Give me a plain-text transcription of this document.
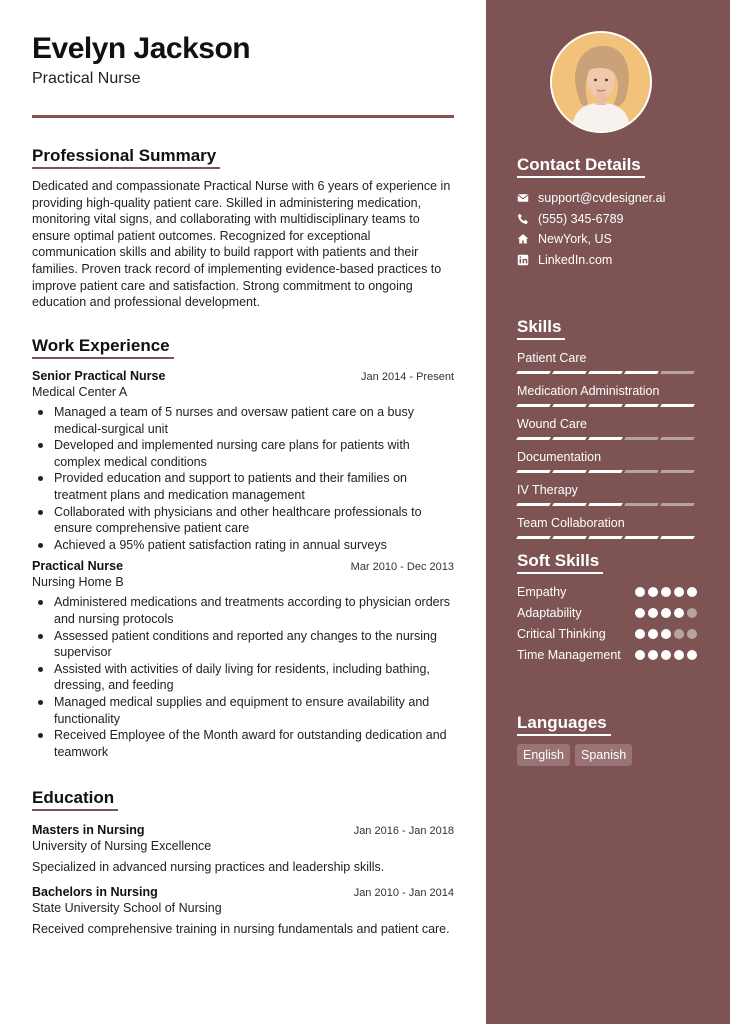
Evelyn Jackson
Practical Nurse
Professional Summary
Dedicated and compassionate Practical Nurse with 6 years of experience in providing high-quality patient care. Skilled in administering medication, monitoring vital signs, and collaborating with multidisciplinary teams to ensure optimal patient outcomes. Recognized for exceptional communication skills and ability to build rapport with patients and their families. Proven track record of implementing evidence-based practices to improve patient care and satisfaction. Strong commitment to ongoing education and professional development.
Work Experience
Senior Practical Nurse	Jan 2014 - Present
Medical Center A
Managed a team of 5 nurses and oversaw patient care on a busy medical-surgical unit
Developed and implemented nursing care plans for patients with complex medical conditions
Provided education and support to patients and their families on treatment plans and medication management
Collaborated with physicians and other healthcare professionals to ensure comprehensive patient care
Achieved a 95% patient satisfaction rating in annual surveys
Practical Nurse	Mar 2010 - Dec 2013
Nursing Home B
Administered medications and treatments according to physician orders and nursing protocols
Assessed patient conditions and reported any changes to the nursing supervisor
Assisted with activities of daily living for residents, including bathing, dressing, and feeding
Managed medical supplies and equipment to ensure availability and functionality
Received Employee of the Month award for outstanding dedication and teamwork
Education
Masters in Nursing	Jan 2016 - Jan 2018
University of Nursing Excellence
Specialized in advanced nursing practices and leadership skills.
Bachelors in Nursing	Jan 2010 - Jan 2014
State University School of Nursing
Received comprehensive training in nursing fundamentals and patient care.
Contact Details
support@cvdesigner.ai
(555) 345-6789
NewYork, US
LinkedIn.com
Skills
Patient Care
Medication Administration
Wound Care
Documentation
IV Therapy
Team Collaboration
Soft Skills
Empathy
Adaptability
Critical Thinking
Time Management
Languages
English	Spanish
